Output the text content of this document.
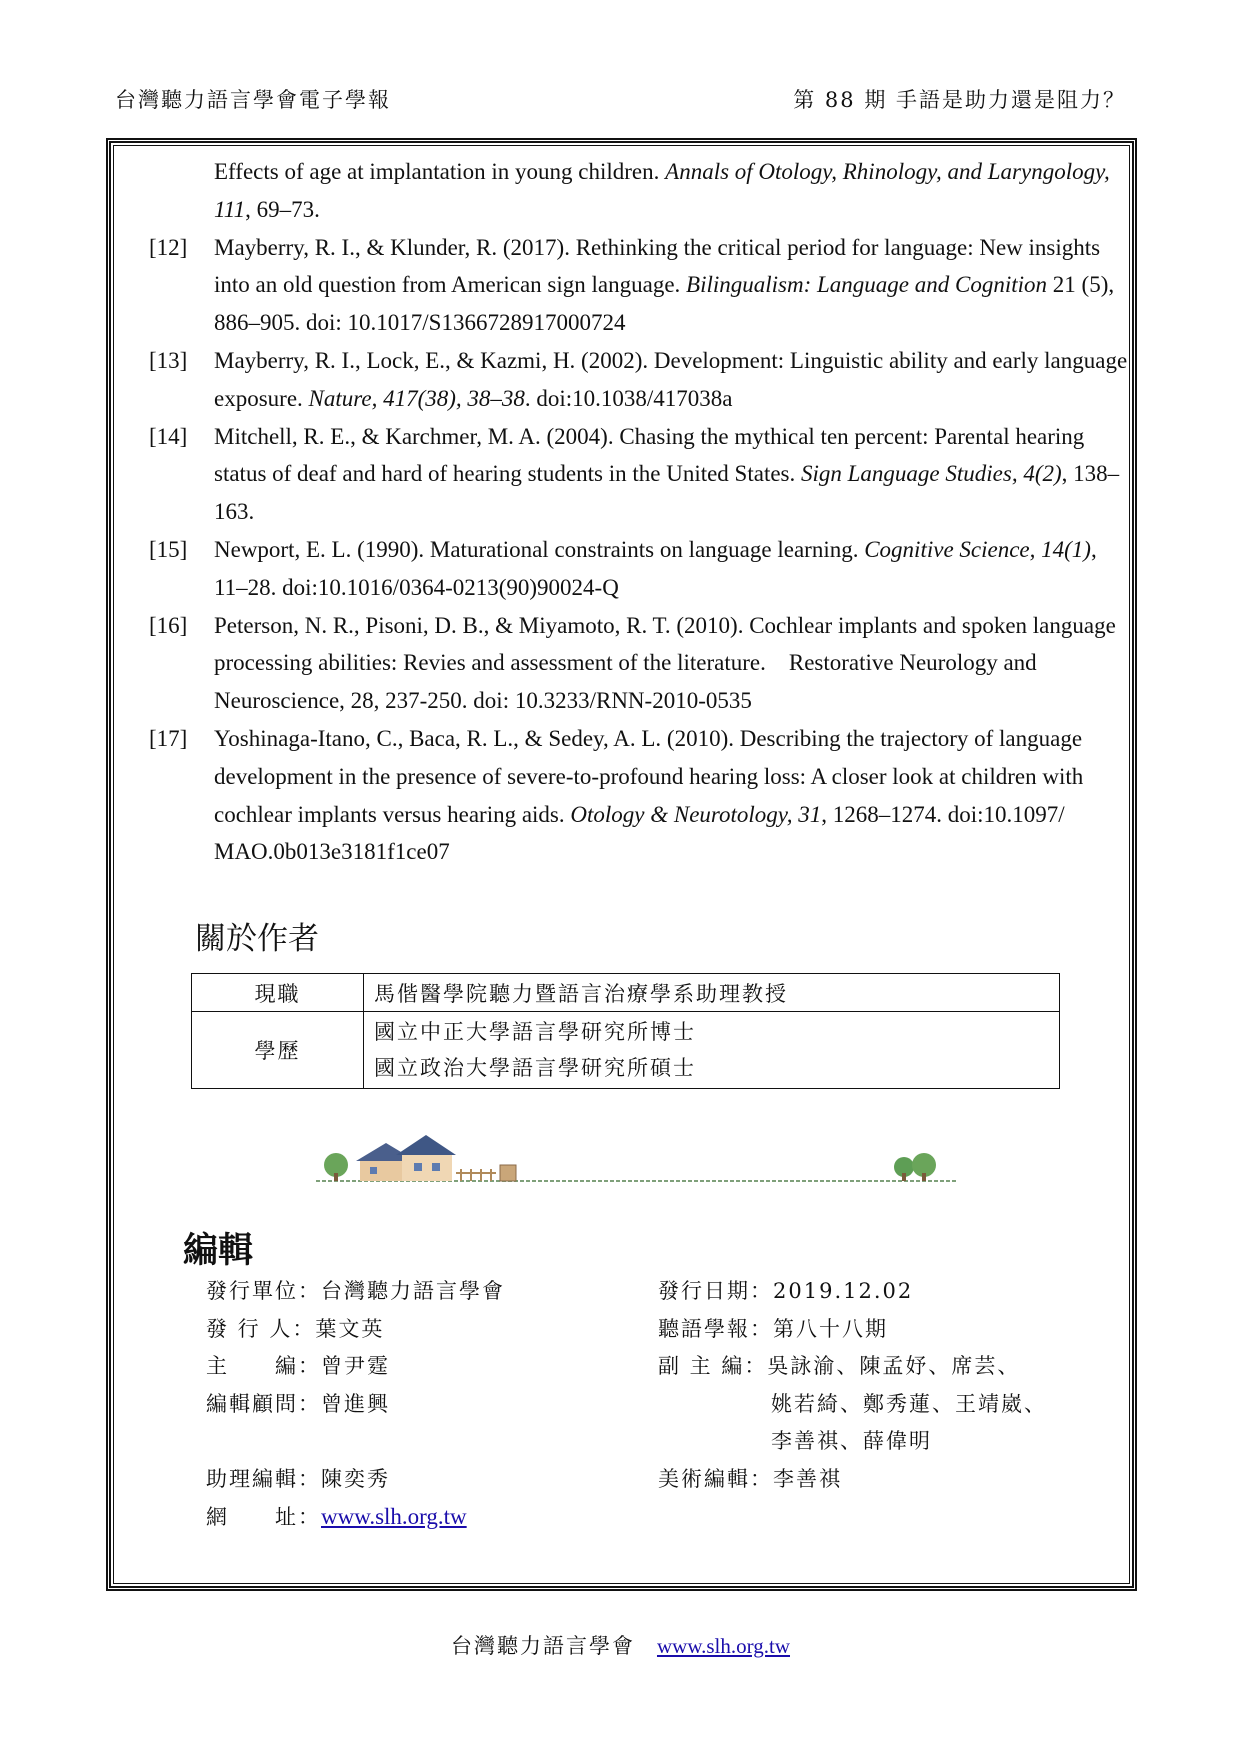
台灣聽力語言學會電子學報	第 88 期 手語是助力還是阻力？
Effects of age at implantation in young children. Annals of Otology, Rhinology, and Laryngology, 111, 69–73.
[12] Mayberry, R. I., & Klunder, R. (2017). Rethinking the critical period for language: New insights into an old question from American sign language. Bilingualism: Language and Cognition 21 (5), 886–905. doi: 10.1017/S1366728917000724
[13] Mayberry, R. I., Lock, E., & Kazmi, H. (2002). Development: Linguistic ability and early language exposure. Nature, 417(38), 38–38. doi:10.1038/417038a
[14] Mitchell, R. E., & Karchmer, M. A. (2004). Chasing the mythical ten percent: Parental hearing status of deaf and hard of hearing students in the United States. Sign Language Studies, 4(2), 138–163.
[15] Newport, E. L. (1990). Maturational constraints on language learning. Cognitive Science, 14(1), 11–28. doi:10.1016/0364-0213(90)90024-Q
[16] Peterson, N. R., Pisoni, D. B., & Miyamoto, R. T. (2010). Cochlear implants and spoken language processing abilities: Revies and assessment of the literature.　Restorative Neurology and Neuroscience, 28, 237-250. doi: 10.3233/RNN-2010-0535
[17] Yoshinaga-Itano, C., Baca, R. L., & Sedey, A. L. (2010). Describing the trajectory of language development in the presence of severe-to-profound hearing loss: A closer look at children with cochlear implants versus hearing aids. Otology & Neurotology, 31, 1268–1274. doi:10.1097/ MAO.0b013e3181f1ce07
關於作者
現職	馬偕醫學院聽力暨語言治療學系助理教授
學歷	國立中正大學語言學研究所博士
國立政治大學語言學研究所碩士
編輯
發行單位：台灣聽力語言學會	發行日期：2019.12.02
發 行 人：葉文英	聽語學報：第八十八期
主　　編：曾尹霆	副 主 編：吳詠渝、陳孟妤、席芸、
編輯顧問：曾進興	姚若綺、鄭秀蓮、王靖崴、
李善祺、薛偉明
助理編輯：陳奕秀	美術編輯：李善祺
網　　址：www.slh.org.tw
台灣聽力語言學會 www.slh.org.tw
